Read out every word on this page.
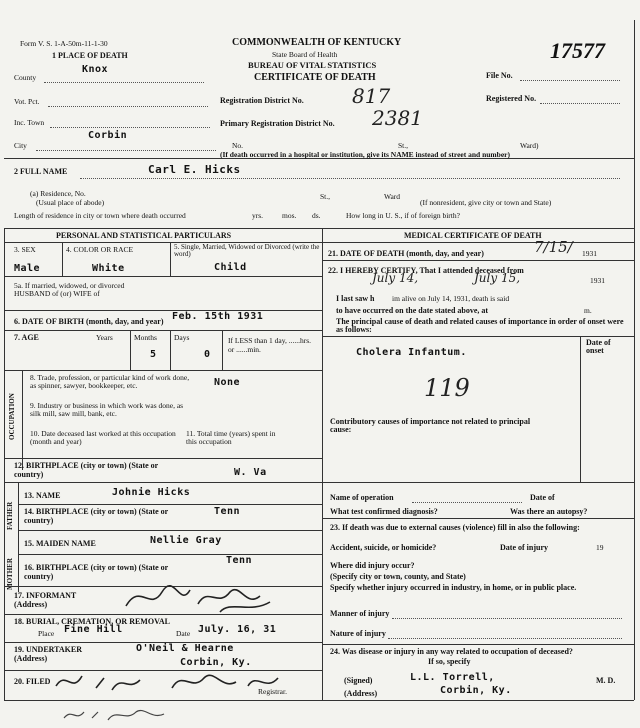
Form V. S. 1-A-50m-11-1-30
1 PLACE OF DEATH
COMMONWEALTH OF KENTUCKY
State Board of Health
BUREAU OF VITAL STATISTICS
CERTIFICATE OF DEATH
17577
County
Knox
Vot. Pct.
Inc. Town
Corbin
City
Registration District No. 817
Primary Registration District No. 2381
File No.
Registered No.
No.	St.,	Ward)
(If death occurred in a hospital or institution, give its NAME instead of street and number)
2 FULL NAME	Carl E. Hicks
(a) Residence, No.
(Usual place of abode)
St.,	Ward
(If nonresident, give city or town and State)
Length of residence in city or town where death occurred	yrs.	mos. ds.	How long in U. S., if of foreign birth?
PERSONAL AND STATISTICAL PARTICULARS
3. SEX
Male
4. COLOR OR RACE
White
5. Single, Married, Widowed or Divorced (write the word)
Child
5a. If married, widowed, or divorced HUSBAND of (or) WIFE of
6. DATE OF BIRTH (month, day, and year) Feb. 15th 1931
7. AGE	Years	Months
5
Days
0
If LESS than 1 day, ......hrs. or ......min.
OCCUPATION
8. Trade, profession, or particular kind of work done, as spinner, sawyer, bookkeeper, etc.	None
9. Industry or business in which work was done, as silk mill, saw mill, bank, etc.
10. Date deceased last worked at this occupation (month and year)
11. Total time (years) spent in this occupation
12. BIRTHPLACE (city or town) (State or country)	W. Va
FATHER
MOTHER
13. NAME	Johnie Hicks
14. BIRTHPLACE (city or town) (State or country)
Tenn
15. MAIDEN NAME	Nellie Gray
16. BIRTHPLACE (city or town) (State or country)
Tenn
17. INFORMANT (Address)
18. BURIAL, CREMATION, OR REMOVAL
Place Fine Hill	Date July. 16, 31
19. UNDERTAKER (Address)
O'Neil & Hearne
Corbin, Ky.
20. FILED
Registrar.
MEDICAL CERTIFICATE OF DEATH
21. DATE OF DEATH (month, day, and year)	7/15/ 1931
22. I HEREBY CERTIFY, That I attended deceased from
July 14,	July 15,	1931
I last saw h im alive on July 14, 1931, death is said
to have occurred on the date stated above, at	m.
The principal cause of death and related causes of importance in order of onset were as follows:
Date of onset
Cholera Infantum.
119
Contributory causes of importance not related to principal cause:
Name of operation	Date of
What test confirmed diagnosis?	Was there an autopsy?
23. If death was due to external causes (violence) fill in also the following:
Accident, suicide, or homicide?	Date of injury	19
Where did injury occur?
(Specify city or town, county, and State)
Specify whether injury occurred in industry, in home, or in public place.
Manner of injury
Nature of injury
24. Was disease or injury in any way related to occupation of deceased?
If so, specify
(Signed)	L.L. Torrell,	M. D.
(Address)	Corbin, Ky.
